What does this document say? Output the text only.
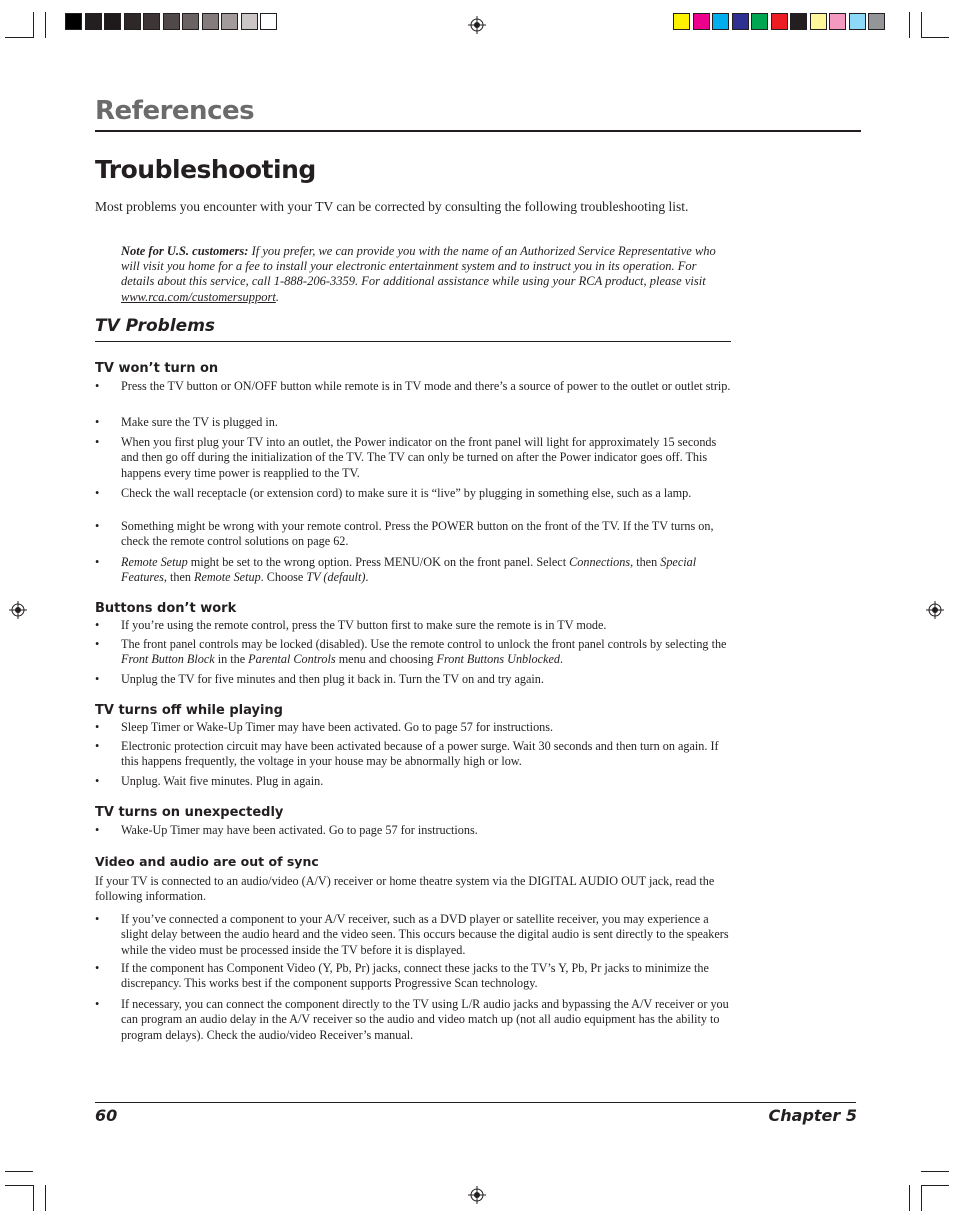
References
Troubleshooting
Most problems you encounter with your TV can be corrected by consulting the following troubleshooting list.
Note for U.S. customers: If you prefer, we can provide you with the name of an Authorized Service Representative who will visit you home for a fee to install your electronic entertainment system and to instruct you in its operation. For details about this service, call 1-888-206-3359. For additional assistance while using your RCA product, please visit www.rca.com/customersupport.
TV Problems
TV won’t turn on
• Press the TV button or ON/OFF button while remote is in TV mode and there’s a source of power to the outlet or outlet strip.
• Make sure the TV is plugged in.
• When you first plug your TV into an outlet, the Power indicator on the front panel will light for approximately 15 seconds and then go off during the initialization of the TV. The TV can only be turned on after the Power indicator goes off. This happens every time power is reapplied to the TV.
• Check the wall receptacle (or extension cord) to make sure it is “live” by plugging in something else, such as a lamp.
• Something might be wrong with your remote control. Press the POWER button on the front of the TV. If the TV turns on, check the remote control solutions on page 62.
• Remote Setup might be set to the wrong option. Press MENU/OK on the front panel. Select Connections, then Special Features, then Remote Setup. Choose TV (default).
Buttons don’t work
• If you’re using the remote control, press the TV button first to make sure the remote is in TV mode.
• The front panel controls may be locked (disabled). Use the remote control to unlock the front panel controls by selecting the Front Button Block in the Parental Controls menu and choosing Front Buttons Unblocked.
• Unplug the TV for five minutes and then plug it back in. Turn the TV on and try again.
TV turns off while playing
• Sleep Timer or Wake-Up Timer may have been activated. Go to page 57 for instructions.
• Electronic protection circuit may have been activated because of a power surge. Wait 30 seconds and then turn on again. If this happens frequently, the voltage in your house may be abnormally high or low.
• Unplug. Wait five minutes. Plug in again.
TV turns on unexpectedly
• Wake-Up Timer may have been activated. Go to page 57 for instructions.
Video and audio are out of sync
If your TV is connected to an audio/video (A/V) receiver or home theatre system via the DIGITAL AUDIO OUT jack, read the following information.
• If you’ve connected a component to your A/V receiver, such as a DVD player or satellite receiver, you may experience a slight delay between the audio heard and the video seen. This occurs because the digital audio is sent directly to the speakers while the video must be processed inside the TV before it is displayed.
• If the component has Component Video (Y, Pb, Pr) jacks, connect these jacks to the TV’s Y, Pb, Pr jacks to minimize the discrepancy. This works best if the component supports Progressive Scan technology.
• If necessary, you can connect the component directly to the TV using L/R audio jacks and bypassing the A/V receiver or you can program an audio delay in the A/V receiver so the audio and video match up (not all audio equipment has the ability to program delays). Check the audio/video Receiver’s manual.
60	Chapter 5
